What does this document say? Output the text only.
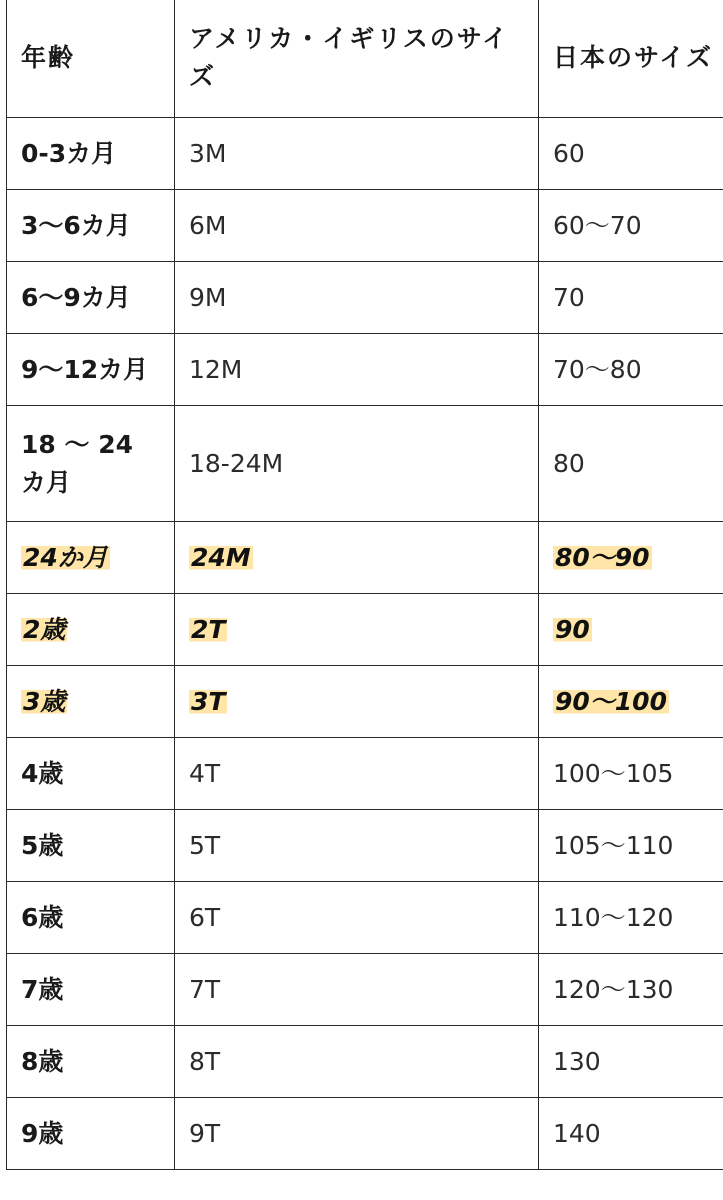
年齢	アメリカ・イギリスのサイズ	日本のサイズ
0-3カ月	3M	60
3〜6カ月	6M	60〜70
6〜9カ月	9M	70
9〜12カ月	12M	70〜80
18 〜 24 カ月	18-24M	80
24か月	24M	80〜90
2歳	2T	90
3歳	3T	90〜100
4歳	4T	100〜105
5歳	5T	105〜110
6歳	6T	110〜120
7歳	7T	120〜130
8歳	8T	130
9歳	9T	140
